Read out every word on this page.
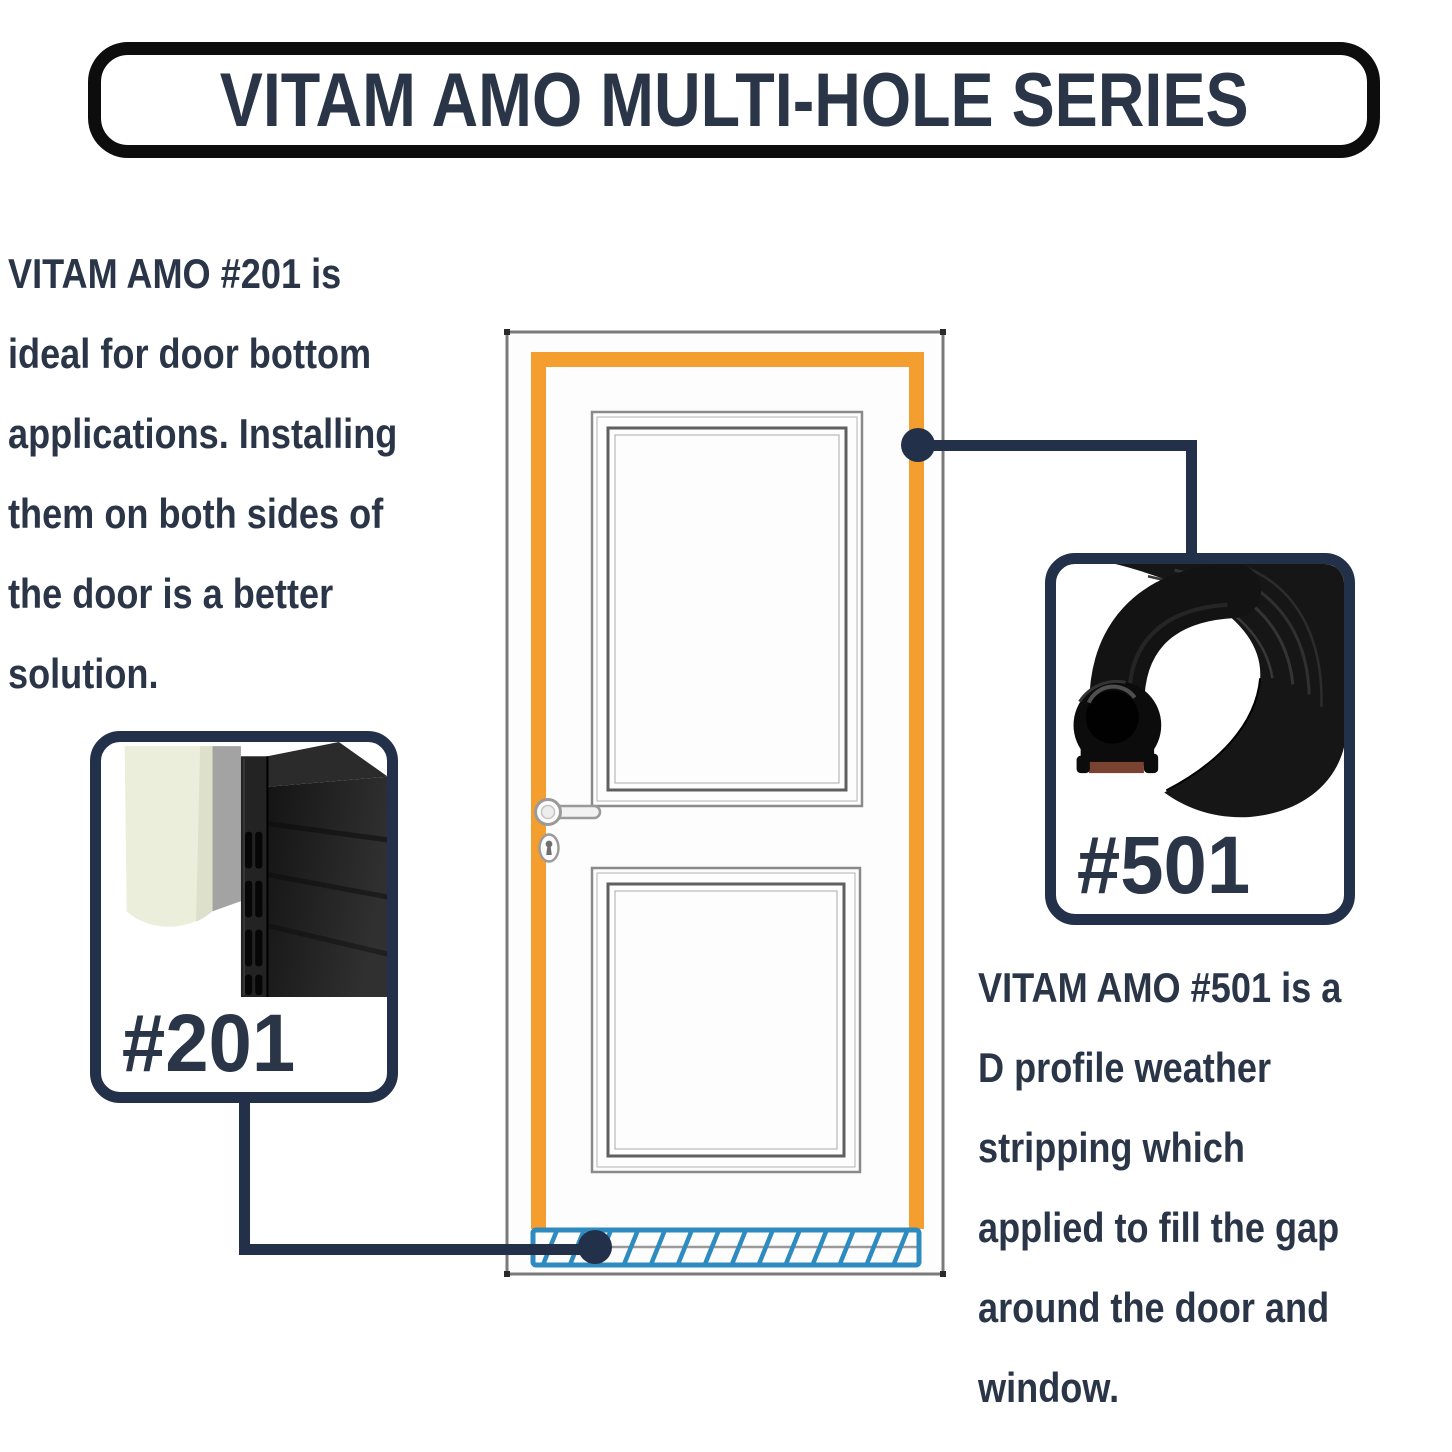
VITAM AMO MULTI-HOLE SERIES
VITAM AMO #201 is
ideal for door bottom
applications. Installing
them on both sides of
the door is a better
solution.
VITAM AMO #501 is a
D profile weather
stripping which
applied to fill the gap
around the door and
window.
#201
#501
